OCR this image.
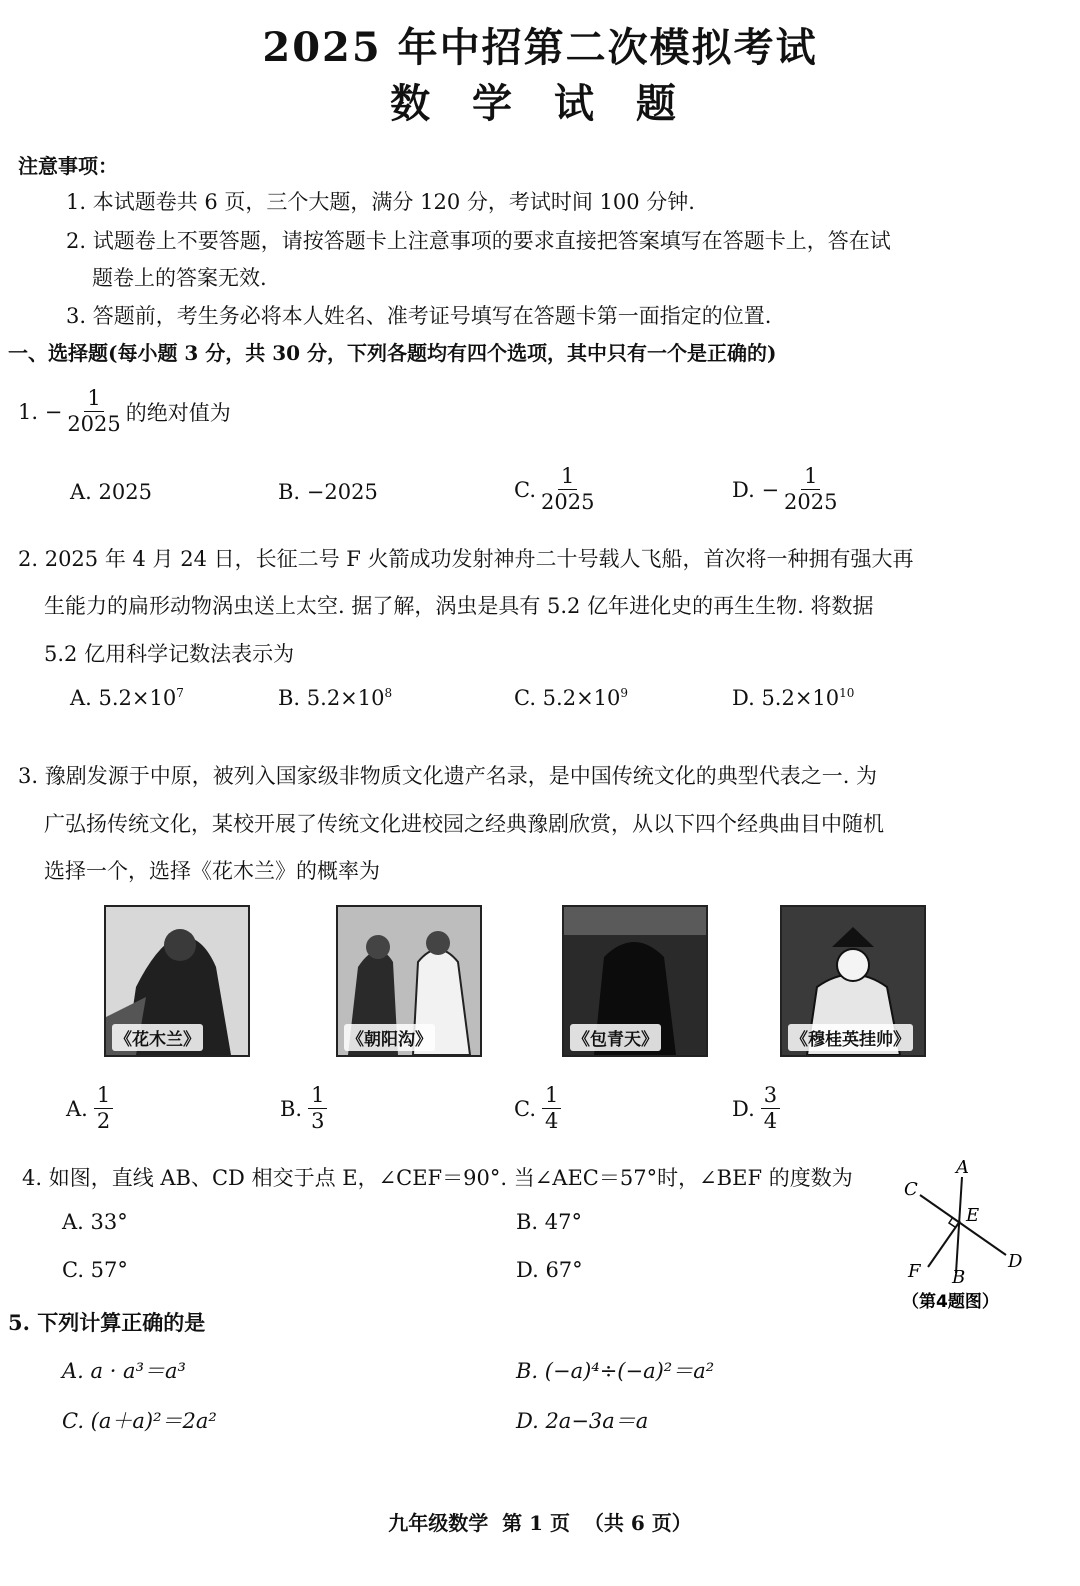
2025 年中招第二次模拟考试
数 学 试 题
注意事项：
1. 本试题卷共 6 页，三个大题，满分 120 分，考试时间 100 分钟.
2. 试题卷上不要答题，请按答题卡上注意事项的要求直接把答案填写在答题卡上，答在试
题卷上的答案无效.
3. 答题前，考生务必将本人姓名、准考证号填写在答题卡第一面指定的位置.
一、选择题(每小题 3 分，共 30 分，下列各题均有四个选项，其中只有一个是正确的)
1. − $\frac{1}{2025}$ 的绝对值为
A. 2025	B. −2025	C. $\frac{1}{2025}$	D. − $\frac{1}{2025}$
2. 2025 年 4 月 24 日，长征二号 F 火箭成功发射神舟二十号载人飞船，首次将一种拥有强大再
生能力的扁形动物涡虫送上太空. 据了解，涡虫是具有 5.2 亿年进化史的再生生物. 将数据
5.2 亿用科学记数法表示为
A. $5.2\times 10^7$	B. $5.2\times 10^8$	C. $5.2\times 10^9$	D. $5.2\times 10^{10}$
3. 豫剧发源于中原，被列入国家级非物质文化遗产名录，是中国传统文化的典型代表之一. 为
广弘扬传统文化，某校开展了传统文化进校园之经典豫剧欣赏，从以下四个经典曲目中随机
选择一个，选择《花木兰》的概率为
《花木兰》	《朝阳沟》	《包青天》	《穆桂英挂帅》
A. $\frac{1}{2}$	B. $\frac{1}{3}$	C. $\frac{1}{4}$	D. $\frac{3}{4}$
4. 如图，直线 AB、CD 相交于点 E，∠CEF＝90°. 当∠AEC＝57°时，∠BEF 的度数为
A. 33°	B. 47°
C. 57°	D. 67°
A
C
E
D
F B
（第4题图）
5. 下列计算正确的是
A. a · a³＝a³	B. (−a)⁴÷(−a)²＝a²
C. (a＋a)²＝2a²	D. 2a−3a＝a
九年级数学  第 1 页  （共 6 页）
